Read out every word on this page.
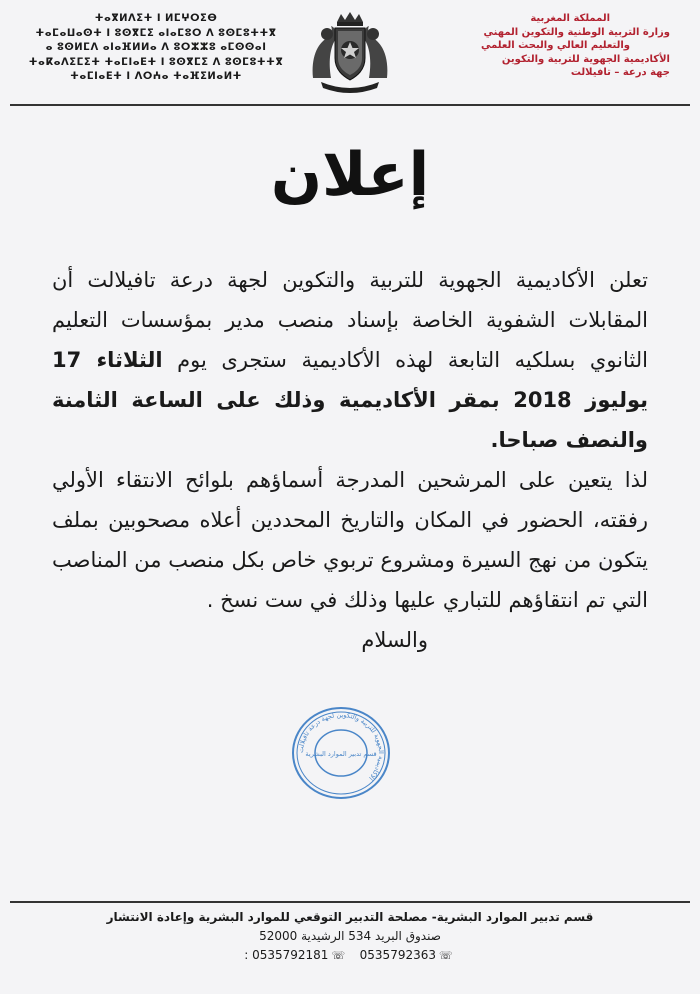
ⵜⴰⴳⵍⴷⵉⵜ ⵏ ⵍⵎⵖⵔⵉⴱ
ⵜⴰⵎⴰⵡⴰⵙⵜ ⵏ ⵓⵙⴳⵎⵉ ⴰⵏⴰⵎⵓⵔ ⴷ ⵓⵙⵎⵓⵜⵜⴳ
ⴰ ⵓⵙⵍⵎⴷ ⴰⵏⴰⴼⵍⵍⴰ ⴷ ⵓⵔⵣⵣⵓ ⴰⵎⵙⵙⴰⵏ
ⵜⴰⴽⴰⴷⵉⵎⵉⵜ ⵜⴰⵎⵏⴰⴹⵜ ⵏ ⵓⵙⴳⵎⵉ ⴷ ⵓⵙⵎⵓⵜⵜⴳ
ⵜⴰⵎⵏⴰⴹⵜ ⵏ ⴷⵔⵄⴰ ⵜⴰⴼⵉⵍⴰⵍⵜ
المملكة المغربية
وزارة التربية الوطنية والتكوين المهني
والتعليم العالي والبحث العلمي
الأكاديمية الجهوية للتربية والتكوين
جهة درعة – تافيلالت
إعلان

تعلن الأكاديمية الجهوية للتربية والتكوين لجهة درعة تافيلالت أن المقابلات الشفوية الخاصة بإسناد منصب مدير بمؤسسات التعليم الثانوي بسلكيه التابعة لهذه الأكاديمية ستجرى يوم الثلاثاء 17 يوليوز 2018 بمقر الأكاديمية وذلك على الساعة الثامنة والنصف صباحا.

لذا يتعين على المرشحين المدرجة أسماؤهم بلوائح الانتقاء الأولي رفقته، الحضور في المكان والتاريخ المحددين أعلاه مصحوبين بملف يتكون من نهج السيرة ومشروع تربوي خاص بكل منصب من المناصب التي تم انتقاؤهم للتباري عليها وذلك في ست نسخ .

والسلام

الأكاديمية الجهوية للتربية والتكوين لجهة درعة تافيلالت
قسم تدبير الموارد البشرية
قسم تدبير الموارد البشرية- مصلحة التدبير التوقعي للموارد البشرية وإعادة الانتشار
صندوق البريد 534 الرشيدية 52000
☏0535792363   ☏0535792181 :
